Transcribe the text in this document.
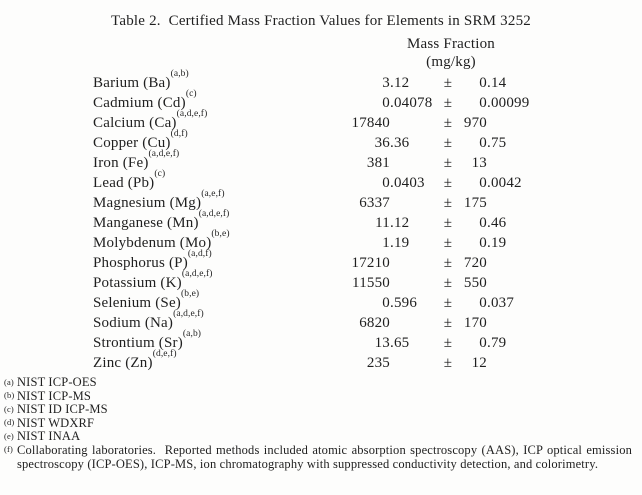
Table 2.  Certified Mass Fraction Values for Elements in SRM 3252
Mass Fraction
(mg/kg)
Barium $(Ba)^{(a,b)}$
3 .12 ±	0 .14
Cadmium $(Cd)^{(c)}$
0 .04078 ±	0 .00099
Calcium $(Ca)^{(a,d,e,f)}$
17840	± 970
Copper $(Cu)^{(d,f)}$
36 .36 ±	0 .75
Iron $(Fe)^{(a,d,e,f)}$
381	±	13
Lead $(Pb)^{(c)}$
0 .0403 ±	0 .0042
Magnesium $(Mg)^{(a,e,f)}$
6337	± 175
Manganese $(Mn)^{(a,d,e,f)}$
11 .12 ±	0 .46
Molybdenum $(Mo)^{(b,e)}$
1 .19 ±	0 .19
Phosphorus $(P)^{(a,d,f)}$
17210	± 720
Potassium $(K)^{(a,d,e,f)}$
11550	± 550
Selenium $(Se)^{(b,e)}$
0 .596 ±	0 .037
Sodium $(Na)^{(a,d,e,f)}$
6820	± 170
Strontium $(Sr)^{(a,b)}$
13 .65 ±	0 .79
Zinc $(Zn)^{(d,e,f)}$
235	±	12
(a) NIST ICP-OES
(b) NIST ICP-MS
(c) NIST ID ICP-MS
(d) NIST WDXRF
(e) NIST INAA
(f) Collaborating laboratories.  Reported methods included atomic absorption spectroscopy (AAS), ICP optical emission spectroscopy (ICP-OES), ICP-MS, ion chromatography with suppressed conductivity detection, and colorimetry.
